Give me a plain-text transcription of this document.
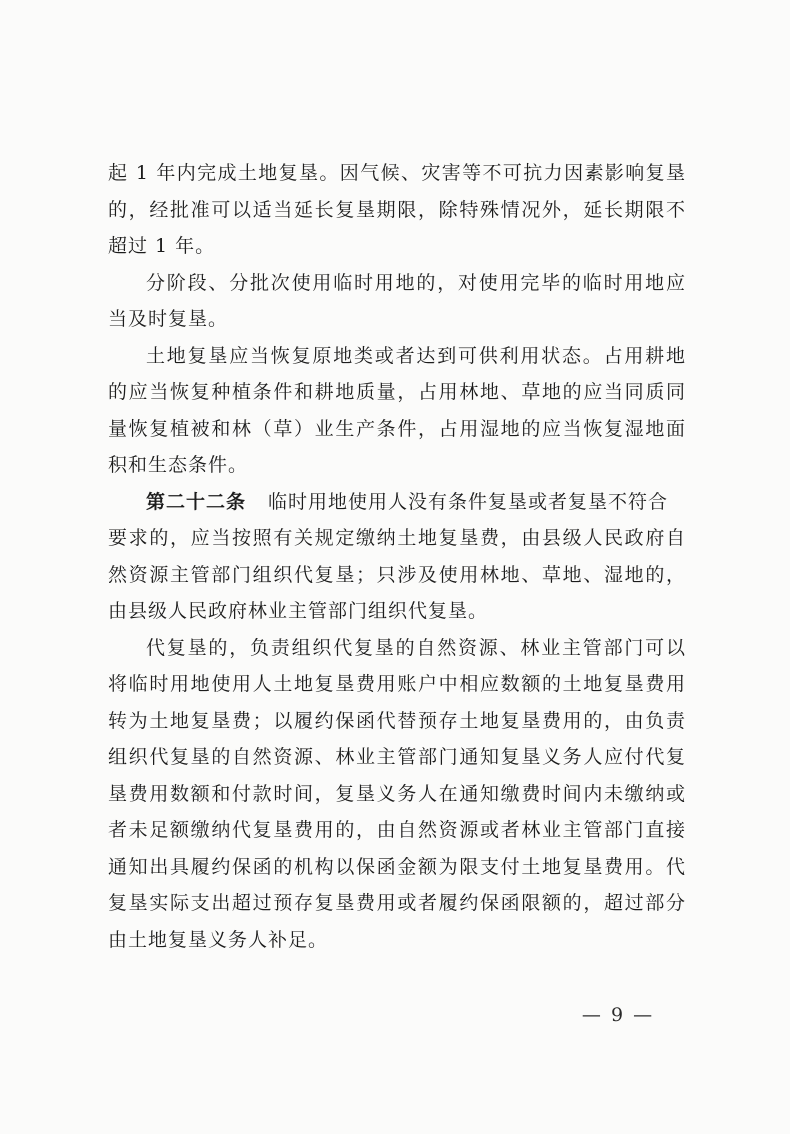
起 1 年内完成土地复垦。因气候、灾害等不可抗力因素影响复垦
的，经批准可以适当延长复垦期限，除特殊情况外，延长期限不
超过 1 年。
分阶段、分批次使用临时用地的，对使用完毕的临时用地应
当及时复垦。
土地复垦应当恢复原地类或者达到可供利用状态。占用耕地
的应当恢复种植条件和耕地质量，占用林地、草地的应当同质同
量恢复植被和林（草）业生产条件，占用湿地的应当恢复湿地面
积和生态条件。
第二十二条 临时用地使用人没有条件复垦或者复垦不符合
要求的，应当按照有关规定缴纳土地复垦费，由县级人民政府自
然资源主管部门组织代复垦；只涉及使用林地、草地、湿地的，
由县级人民政府林业主管部门组织代复垦。
代复垦的，负责组织代复垦的自然资源、林业主管部门可以
将临时用地使用人土地复垦费用账户中相应数额的土地复垦费用
转为土地复垦费；以履约保函代替预存土地复垦费用的，由负责
组织代复垦的自然资源、林业主管部门通知复垦义务人应付代复
垦费用数额和付款时间，复垦义务人在通知缴费时间内未缴纳或
者未足额缴纳代复垦费用的，由自然资源或者林业主管部门直接
通知出具履约保函的机构以保函金额为限支付土地复垦费用。代
复垦实际支出超过预存复垦费用或者履约保函限额的，超过部分
由土地复垦义务人补足。
— 9 —
